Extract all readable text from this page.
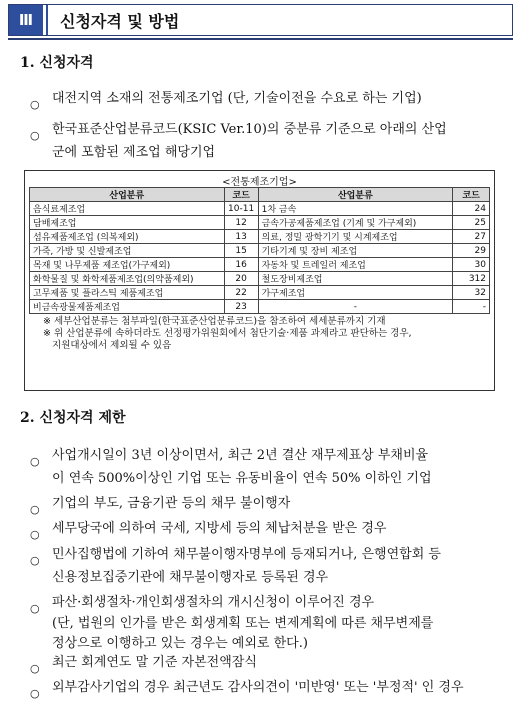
Ⅲ	신청자격 및 방법
1. 신청자격
○ 대전지역 소재의 전통제조기업 (단, 기술이전을 수요로 하는 기업)
○ 한국표준산업분류코드(KSIC Ver.10)의 중분류 기준으로 아래의 산업
군에 포함된 제조업 해당기업
<전통제조기업>
산업분류	코드	산업분류	코드
음식료제조업	10-11	1차 금속	24
담배제조업	12	금속가공제품제조업 (기계 및 가구제외)	25
섬유제품제조업 (의복제외)	13	의료, 정밀 광학기기 및 시계제조업	27
가죽, 가방 및 신발제조업	15	기타기계 및 장비 제조업	29
목재 및 나무제품 제조업(가구제외)	16	자동차 및 트레일러 제조업	30
화학물질 및 화학제품제조업(의약품제외)	20	철도장비제조업	312
고무제품 및 플라스틱 제품제조업	22	가구제조업	32
비금속광물제품제조업	23	-	-
※ 세부산업분류는 첨부파일(한국표준산업분류코드)을 참조하여 세세분류까지 기재
※ 위 산업분류에 속하더라도 선정평가위원회에서 첨단기술·제품 과제라고 판단하는 경우,
지원대상에서 제외될 수 있음
2. 신청자격 제한
○ 사업개시일이 3년 이상이면서, 최근 2년 결산 재무제표상 부채비율
이 연속 500%이상인 기업 또는 유동비율이 연속 50% 이하인 기업
○ 기업의 부도, 금융기관 등의 채무 불이행자
○ 세무당국에 의하여 국세, 지방세 등의 체납처분을 받은 경우
○ 민사집행법에 기하여 채무불이행자명부에 등재되거나, 은행연합회 등
신용정보집중기관에 채무불이행자로 등록된 경우
○ 파산·회생절차·개인회생절차의 개시신청이 이루어진 경우
(단, 법원의 인가를 받은 회생계획 또는 변제계획에 따른 채무변제를
정상으로 이행하고 있는 경우는 예외로 한다.)
○ 최근 회계연도 말 기준 자본전액잠식
○ 외부감사기업의 경우 최근년도 감사의견이 '미반영' 또는 '부정적' 인 경우
